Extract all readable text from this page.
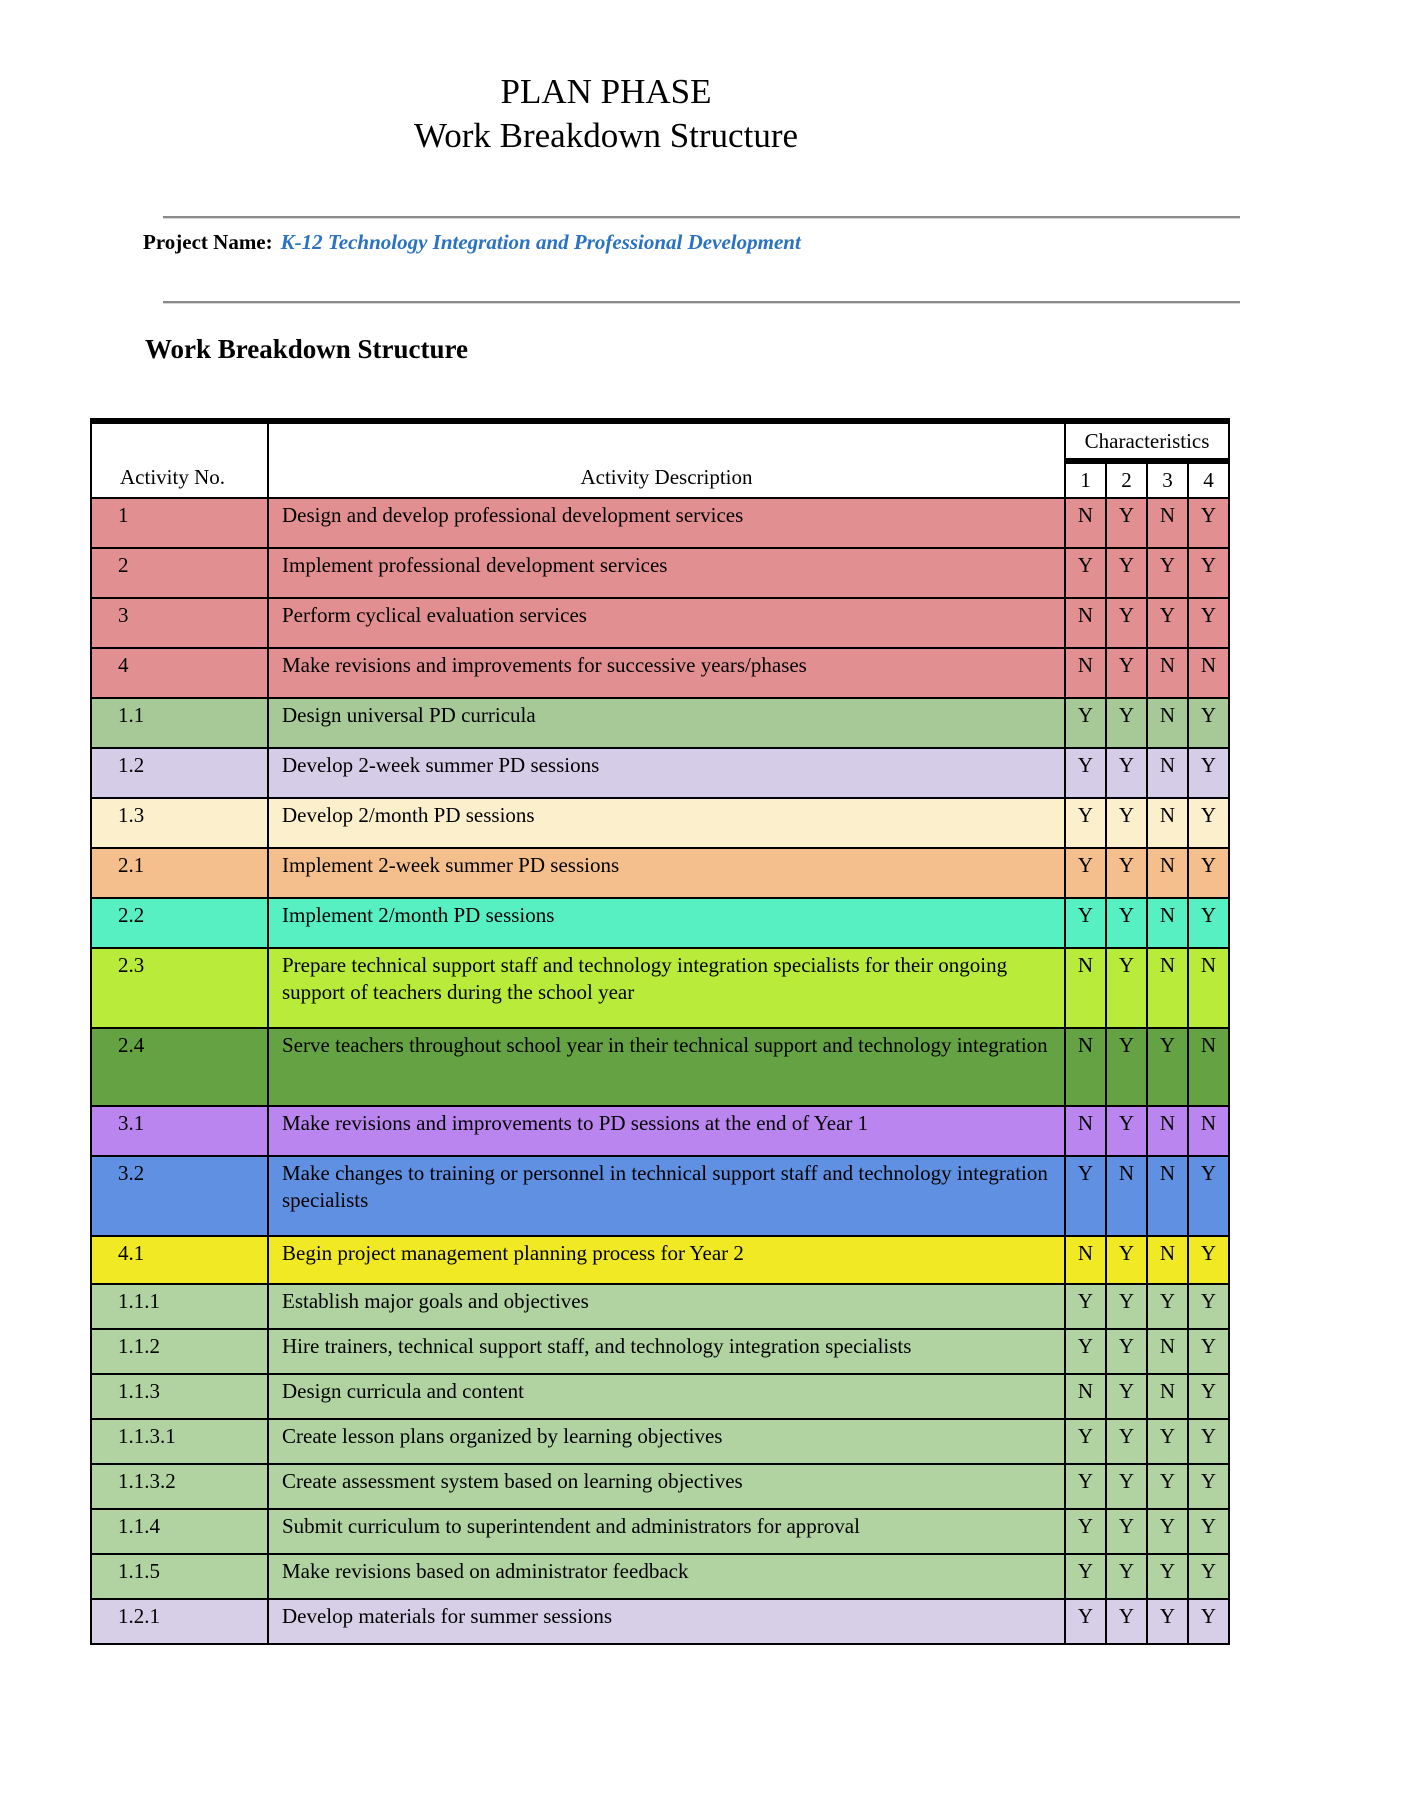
PLAN PHASE
Work Breakdown Structure
Project Name: K-12 Technology Integration and Professional Development
Work Breakdown Structure
Activity No.	Activity Description	Characteristics			
		1	2	3	4
1	Design and develop professional development services	N	Y	N	Y
2	Implement professional development services	Y	Y	Y	Y
3	Perform cyclical evaluation services	N	Y	Y	Y
4	Make revisions and improvements for successive years/phases	N	Y	N	N
1.1	Design universal PD curricula	Y	Y	N	Y
1.2	Develop 2-week summer PD sessions	Y	Y	N	Y
1.3	Develop 2/month PD sessions	Y	Y	N	Y
2.1	Implement 2-week summer PD sessions	Y	Y	N	Y
2.2	Implement 2/month PD sessions	Y	Y	N	Y
2.3	Prepare technical support staff and technology integration specialists for their ongoing support of teachers during the school year	N	Y	N	N
2.4	Serve teachers throughout school year in their technical support and technology integration	N	Y	Y	N
3.1	Make revisions and improvements to PD sessions at the end of Year 1	N	Y	N	N
3.2	Make changes to training or personnel in technical support staff and technology integration specialists	Y	N	N	Y
4.1	Begin project management planning process for Year 2	N	Y	N	Y
1.1.1	Establish major goals and objectives	Y	Y	Y	Y
1.1.2	Hire trainers, technical support staff, and technology integration specialists	Y	Y	N	Y
1.1.3	Design curricula and content	N	Y	N	Y
1.1.3.1	Create lesson plans organized by learning objectives	Y	Y	Y	Y
1.1.3.2	Create assessment system based on learning objectives	Y	Y	Y	Y
1.1.4	Submit curriculum to superintendent and administrators for approval	Y	Y	Y	Y
1.1.5	Make revisions based on administrator feedback	Y	Y	Y	Y
1.2.1	Develop materials for summer sessions	Y	Y	Y	Y
